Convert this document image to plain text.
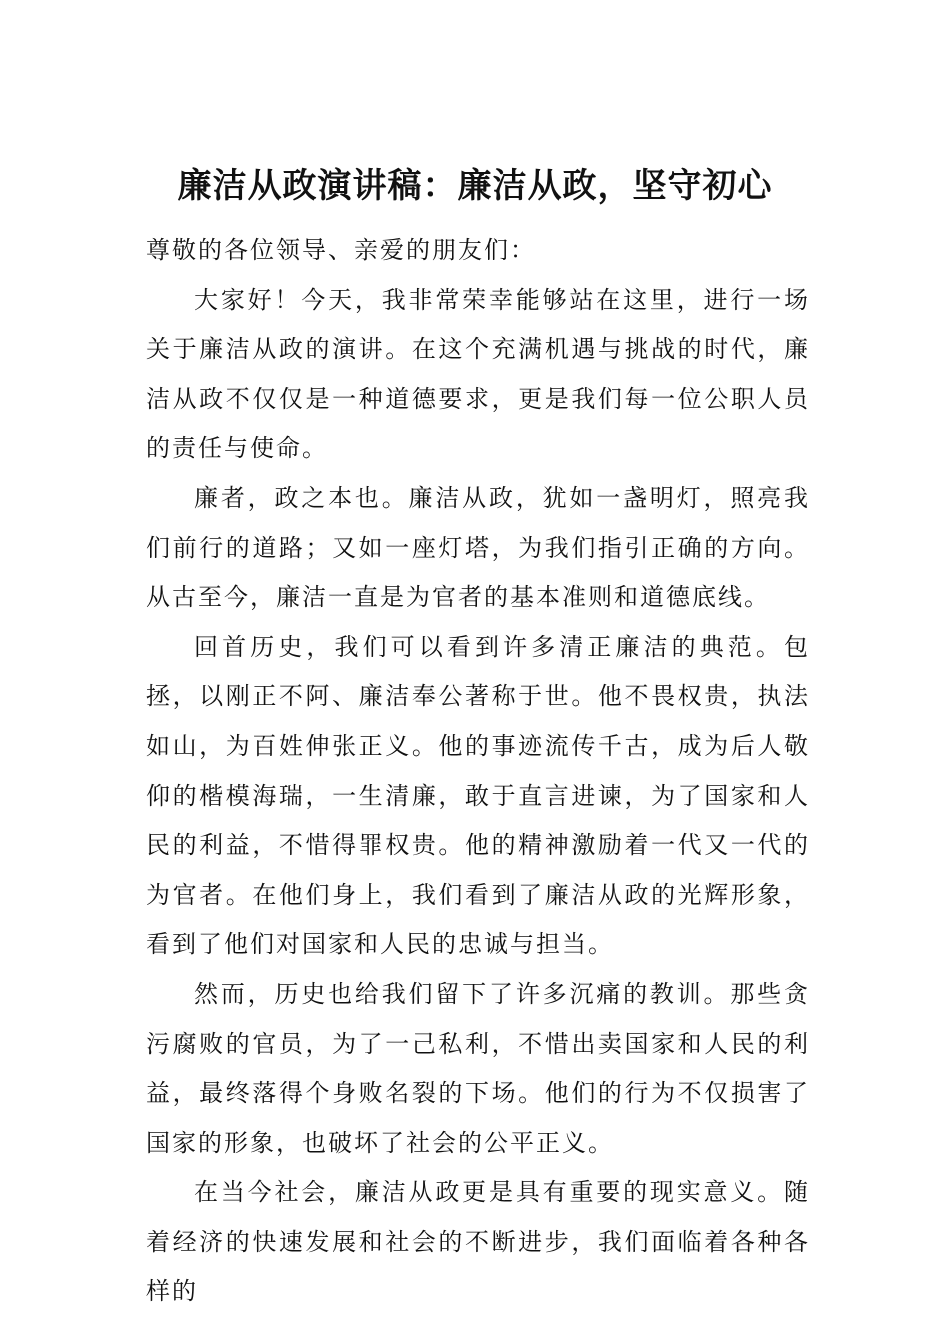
廉洁从政演讲稿：廉洁从政，坚守初心

尊敬的各位领导、亲爱的朋友们：

大家好！今天，我非常荣幸能够站在这里，进行一场关于廉洁从政的演讲。在这个充满机遇与挑战的时代，廉洁从政不仅仅是一种道德要求，更是我们每一位公职人员的责任与使命。

廉者，政之本也。廉洁从政，犹如一盏明灯，照亮我们前行的道路；又如一座灯塔，为我们指引正确的方向。从古至今，廉洁一直是为官者的基本准则和道德底线。

回首历史，我们可以看到许多清正廉洁的典范。包拯，以刚正不阿、廉洁奉公著称于世。他不畏权贵，执法如山，为百姓伸张正义。他的事迹流传千古，成为后人敬仰的楷模海瑞，一生清廉，敢于直言进谏，为了国家和人民的利益，不惜得罪权贵。他的精神激励着一代又一代的为官者。在他们身上，我们看到了廉洁从政的光辉形象，看到了他们对国家和人民的忠诚与担当。

然而，历史也给我们留下了许多沉痛的教训。那些贪污腐败的官员，为了一己私利，不惜出卖国家和人民的利益，最终落得个身败名裂的下场。他们的行为不仅损害了国家的形象，也破坏了社会的公平正义。

在当今社会，廉洁从政更是具有重要的现实意义。随着经济的快速发展和社会的不断进步，我们面临着各种各样的
